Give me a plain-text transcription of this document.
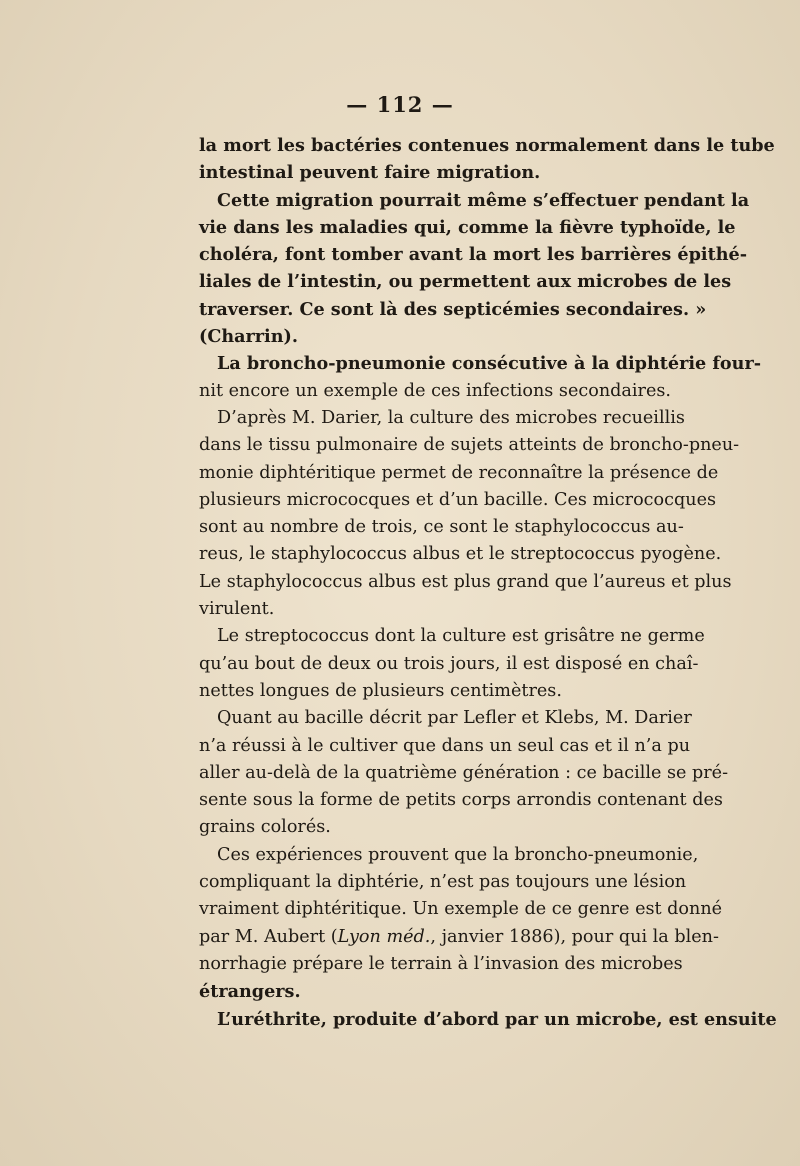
— 112 —
la mort les bactéries contenues normalement dans le tube
intestinal peuvent faire migration.
Cette migration pourrait même s’effectuer pendant la
vie dans les maladies qui, comme la fièvre typhoïde, le
choléra, font tomber avant la mort les barrières épithé-
liales de l’intestin, ou permettent aux microbes de les
traverser. Ce sont là des septicémies secondaires. »
(Charrin).
La broncho-pneumonie consécutive à la diphtérie four-
nit encore un exemple de ces infections secondaires.
D’après M. Darier, la culture des microbes recueillis
dans le tissu pulmonaire de sujets atteints de broncho-pneu-
monie diphtéritique permet de reconnaître la présence de
plusieurs micrococques et d’un bacille. Ces micrococques
sont au nombre de trois, ce sont le staphylococcus au-
reus, le staphylococcus albus et le streptococcus pyogène.
Le staphylococcus albus est plus grand que l’aureus et plus
virulent.
Le streptococcus dont la culture est grisâtre ne germe
qu’au bout de deux ou trois jours, il est disposé en chaî-
nettes longues de plusieurs centimètres.
Quant au bacille décrit par Lefler et Klebs, M. Darier
n’a réussi à le cultiver que dans un seul cas et il n’a pu
aller au-delà de la quatrième génération : ce bacille se pré-
sente sous la forme de petits corps arrondis contenant des
grains colorés.
Ces expériences prouvent que la broncho-pneumonie,
compliquant la diphtérie, n’est pas toujours une lésion
vraiment diphtéritique. Un exemple de ce genre est donné
par M. Aubert (Lyon méd., janvier 1886), pour qui la blen-
norrhagie prépare le terrain à l’invasion des microbes
étrangers.
L’uréthrite, produite d’abord par un microbe, est ensuite
